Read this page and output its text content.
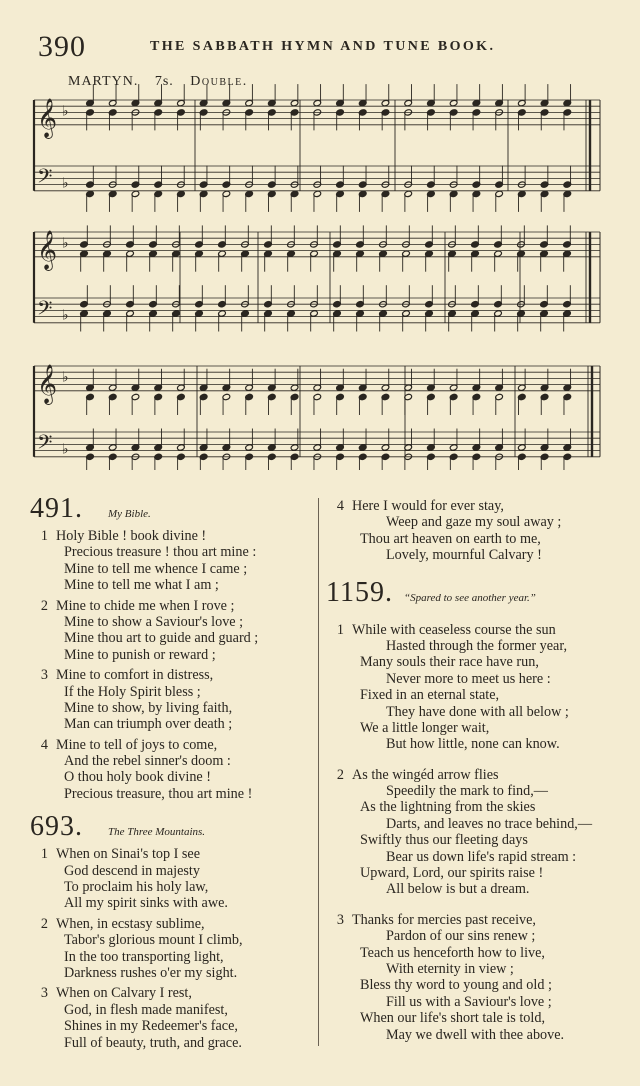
390	THE SABBATH HYMN AND TUNE BOOK.
MARTYN. 7s. Double.
𝄞 ♭
𝄢 ♭
𝄞 ♭
𝄢 ♭
𝄞 ♭
𝄢 ♭
491.	My Bible.
1 Holy Bible ! book divine !
Precious treasure ! thou art mine :
Mine to tell me whence I came ;
Mine to tell me what I am ;
2 Mine to chide me when I rove ;
Mine to show a Saviour's love ;
Mine thou art to guide and guard ;
Mine to punish or reward ;
3 Mine to comfort in distress,
If the Holy Spirit bless ;
Mine to show, by living faith,
Man can triumph over death ;
4 Mine to tell of joys to come,
And the rebel sinner's doom :
O thou holy book divine !
Precious treasure, thou art mine !
693.	The Three Mountains.
1 When on Sinai's top I see
God descend in majesty
To proclaim his holy law,
All my spirit sinks with awe.
2 When, in ecstasy sublime,
Tabor's glorious mount I climb,
In the too transporting light,
Darkness rushes o'er my sight.
3 When on Calvary I rest,
God, in flesh made manifest,
Shines in my Redeemer's face,
Full of beauty, truth, and grace.
4 Here I would for ever stay,
Weep and gaze my soul away ;
Thou art heaven on earth to me,
Lovely, mournful Calvary !
1159.	“Spared to see another year.”
1 While with ceaseless course the sun
Hasted through the former year,
Many souls their race have run,
Never more to meet us here :
Fixed in an eternal state,
They have done with all below ;
We a little longer wait,
But how little, none can know.
2 As the wingéd arrow flies
Speedily the mark to find,—
As the lightning from the skies
Darts, and leaves no trace behind,—
Swiftly thus our fleeting days
Bear us down life's rapid stream :
Upward, Lord, our spirits raise !
All below is but a dream.
3 Thanks for mercies past receive,
Pardon of our sins renew ;
Teach us henceforth how to live,
With eternity in view ;
Bless thy word to young and old ;
Fill us with a Saviour's love ;
When our life's short tale is told,
May we dwell with thee above.
